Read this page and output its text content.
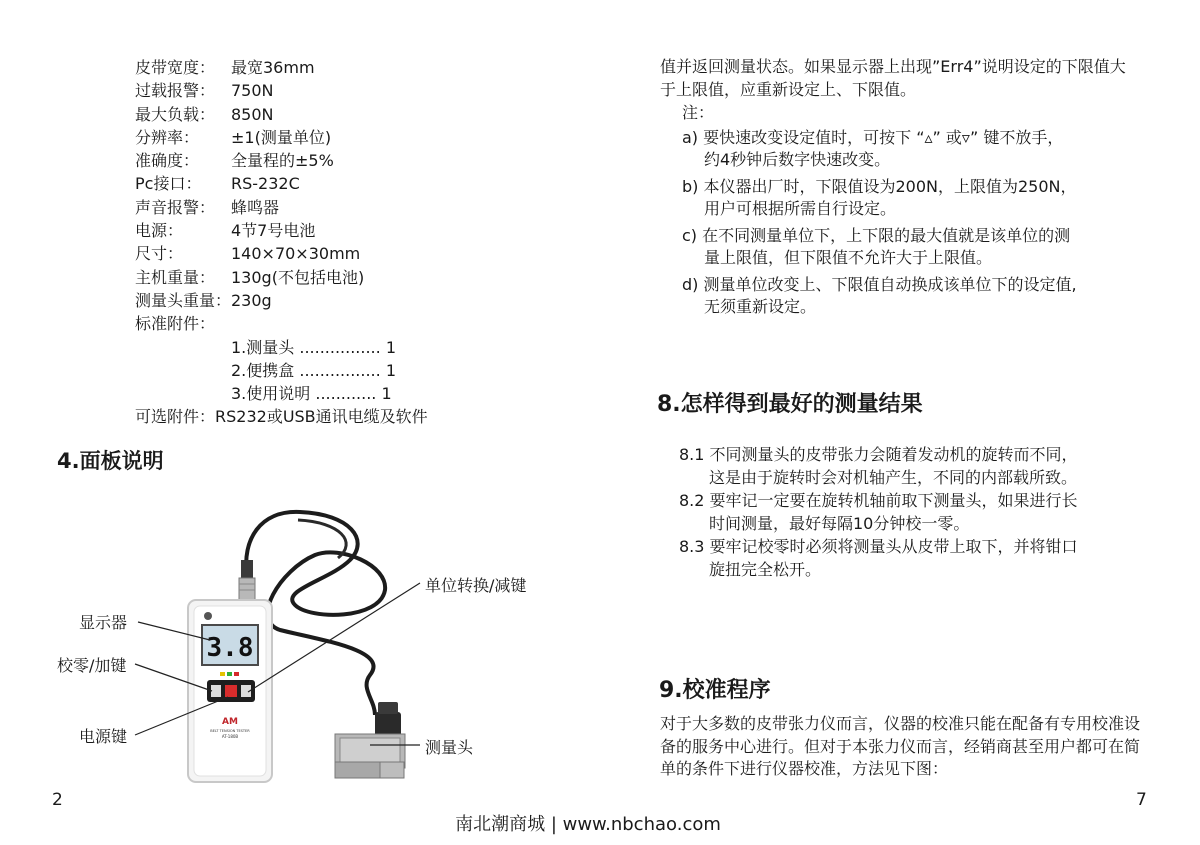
皮带宽度： 最宽36mm
过载报警： 750N
最大负载： 850N
分辨率： ±1(测量单位)
准确度： 全量程的±5%
Pc接口： RS-232C
声音报警： 蜂鸣器
电源：	4节7号电池
尺寸：	140×70×30mm
主机重量： 130g(不包括电池)
测量头重量：230g
标准附件：
1.测量头 ................ 1
2.便携盒 ................ 1
3.使用说明 ............ 1
可选附件：RS232或USB通讯电缆及软件
4.面板说明
3.8
AM
BELT TENSION TESTER
AT-180B
显示器
校零/加键
电源键
单位转换/减键
测量头
2
值并返回测量状态。如果显示器上出现”Err4”说明设定的下限值大于上限值，应重新设定上、下限值。
注：
a) 要快速改变设定值时，可按下 “▵” 或▿” 键不放手，
约4秒钟后数字快速改变。
b) 本仪器出厂时，下限值设为200N，上限值为250N，
用户可根据所需自行设定。
c) 在不同测量单位下，上下限的最大值就是该单位的测
量上限值，但下限值不允许大于上限值。
d) 测量单位改变上、下限值自动换成该单位下的设定值,
无须重新设定。
8.怎样得到最好的测量结果
8.1 不同测量头的皮带张力会随着发动机的旋转而不同，
这是由于旋转时会对机轴产生，不同的内部载所致。
8.2 要牢记一定要在旋转机轴前取下测量头，如果进行长
时间测量，最好每隔10分钟校一零。
8.3 要牢记校零时必须将测量头从皮带上取下，并将钳口
旋扭完全松开。
9.校准程序
对于大多数的皮带张力仪而言，仪器的校准只能在配备有专用校准设备的服务中心进行。但对于本张力仪而言，经销商甚至用户都可在简单的条件下进行仪器校准，方法见下图：
7
南北潮商城 | www.nbchao.com
